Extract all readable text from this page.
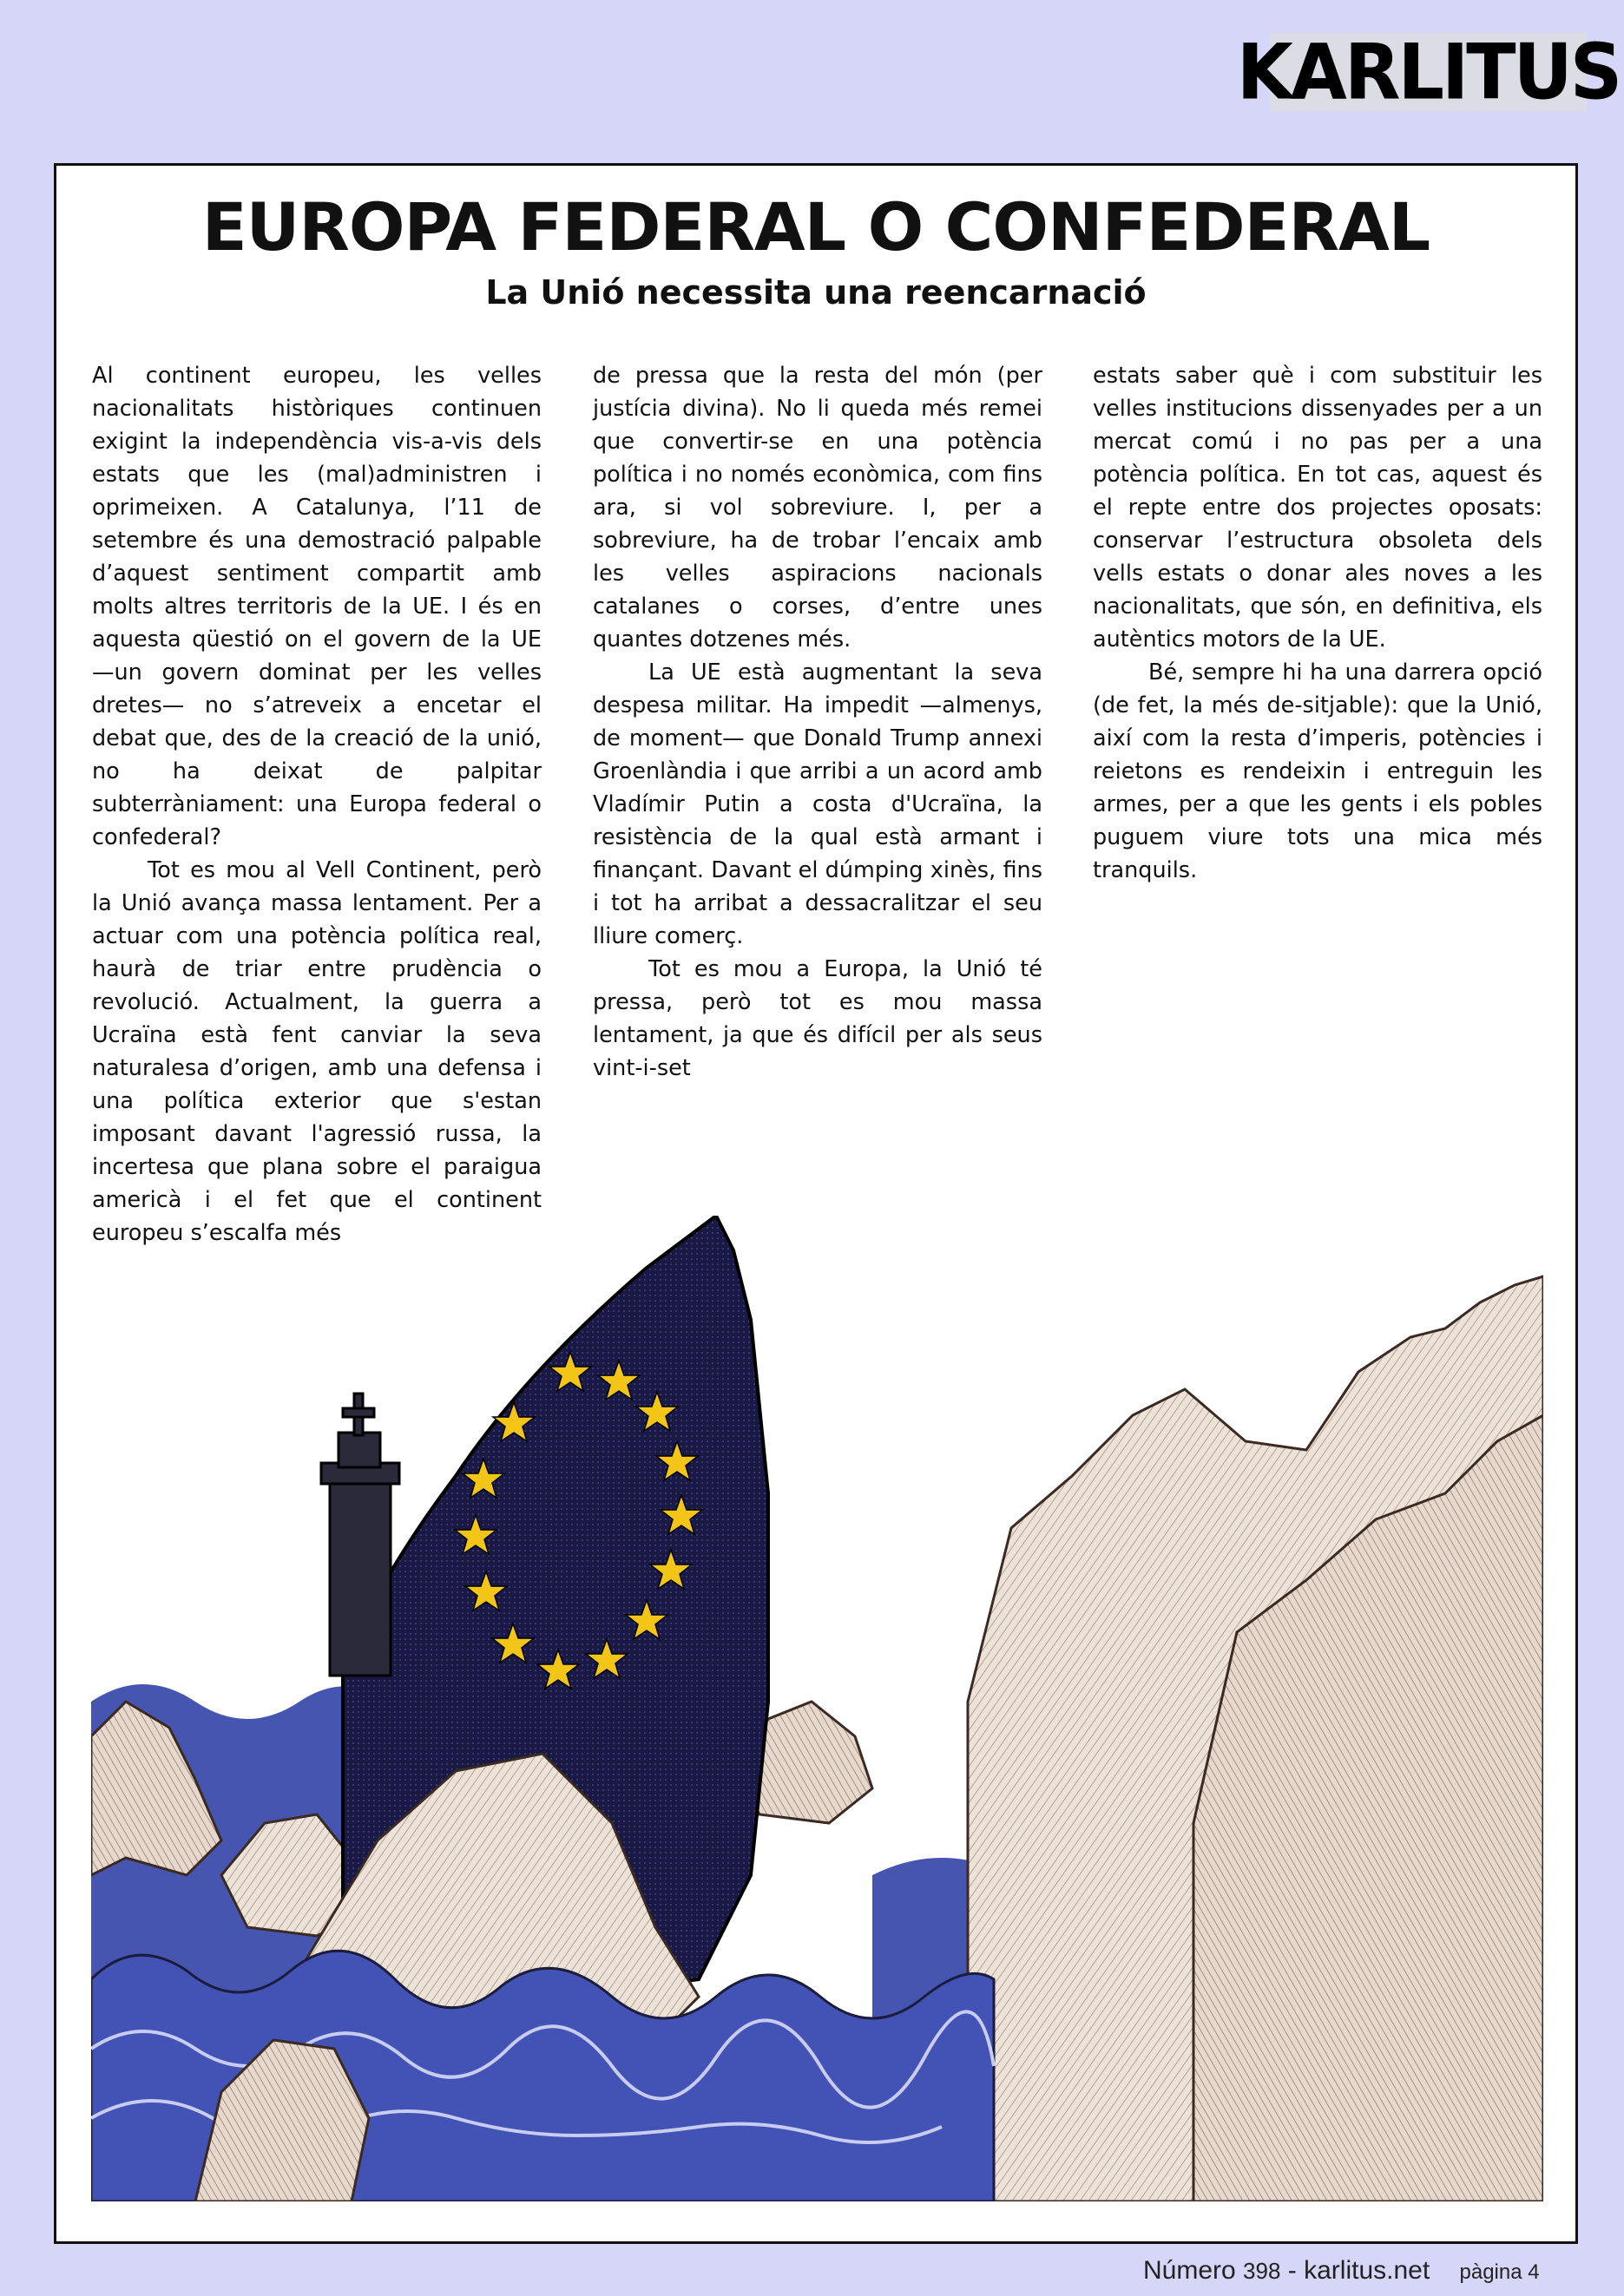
KARLITUS
EUROPA FEDERAL O CONFEDERAL
La Unió necessita una reencarnació

Al continent europeu, les velles nacionalitats històriques continuen exigint la independència vis-a-vis dels estats que les (mal)administren i oprimeixen. A Catalunya, l’11 de setembre és una demostració palpable d’aquest sentiment compartit amb molts altres territoris de la UE. I és en aquesta qüestió on el govern de la UE —un govern dominat per les velles dretes— no s’atreveix a encetar el debat que, des de la creació de la unió, no ha deixat de palpitar subterràniament: una Europa federal o confederal?

Tot es mou al Vell Continent, però la Unió avança massa lentament. Per a actuar com una potència política real, haurà de triar entre prudència o revolució. Actualment, la guerra a Ucraïna està fent canviar la seva naturalesa d’origen, amb una defensa i una política exterior que s'estan imposant davant l'agressió russa, la incertesa que plana sobre el paraigua americà i el fet que el continent europeu s’escalfa més

de pressa que la resta del món (per justícia divina). No li queda més remei que convertir-se en una potència política i no només econòmica, com fins ara, si vol sobreviure. I, per a sobreviure, ha de trobar l’encaix amb les velles aspiracions nacionals catalanes o corses, d’entre unes quantes dotzenes més.

La UE està augmentant la seva despesa militar. Ha impedit —almenys, de moment— que Donald Trump annexi Groenlàndia i que arribi a un acord amb Vladímir Putin a costa d'Ucraïna, la resistència de la qual està armant i finançant. Davant el dúmping xinès, fins i tot ha arribat a dessacralitzar el seu lliure comerç.

Tot es mou a Europa, la Unió té pressa, però tot es mou massa lentament, ja que és difícil per als seus vint-i-set

estats saber què i com substituir les velles institucions dissenyades per a un mercat comú i no pas per a una potència política. En tot cas, aquest és el repte entre dos projectes oposats: conservar l’estructura obsoleta dels vells estats o donar ales noves a les nacionalitats, que són, en definitiva, els autèntics motors de la UE.

Bé, sempre hi ha una darrera opció (de fet, la més de-sitjable): que la Unió, així com la resta d’imperis, potències i reietons es rendeixin i entreguin les armes, per a que les gents i els pobles puguem viure tots una mica més tranquils.

Número 398 - karlitus.net pàgina 4
